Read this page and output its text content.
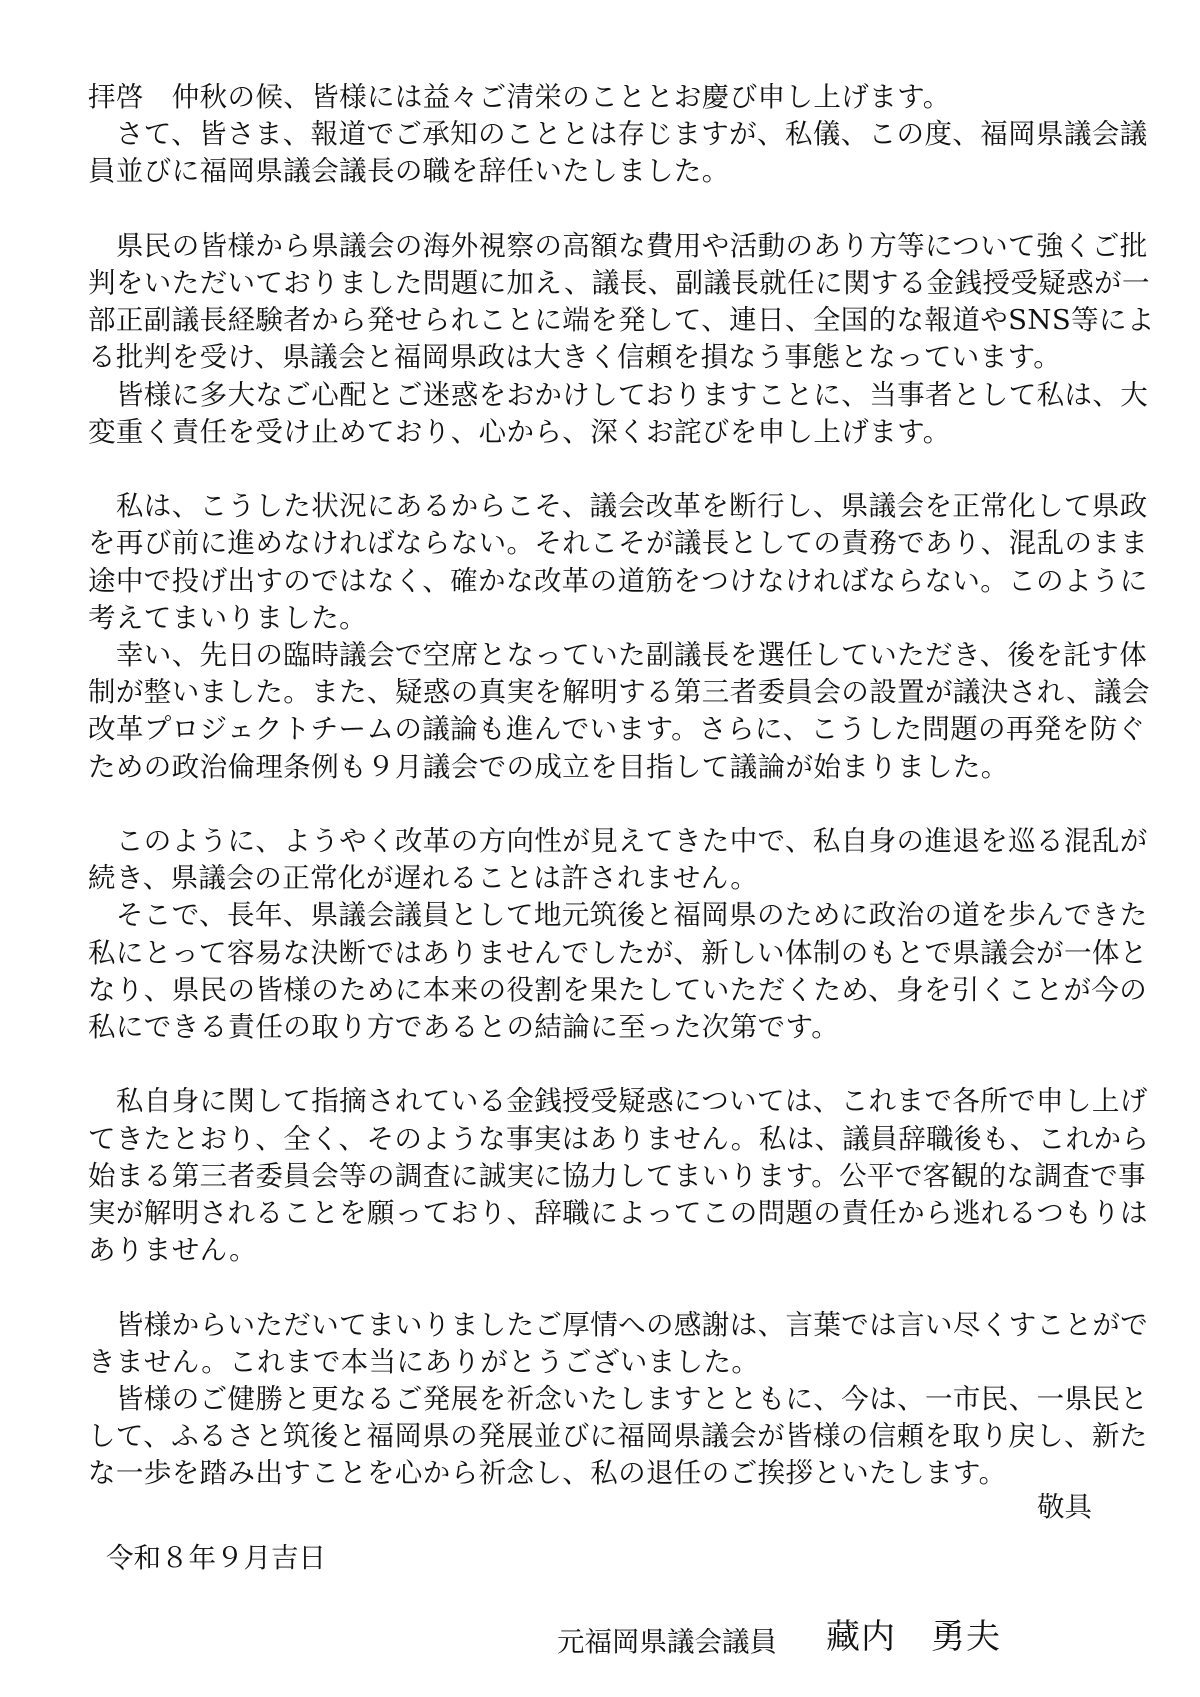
拝啓　仲秋の候、皆様には益々ご清栄のこととお慶び申し上げます。
　さて、皆さま、報道でご承知のこととは存じますが、私儀、この度、福岡県議会議
員並びに福岡県議会議長の職を辞任いたしました。
　県民の皆様から県議会の海外視察の高額な費用や活動のあり方等について強くご批
判をいただいておりました問題に加え、議長、副議長就任に関する金銭授受疑惑が一
部正副議長経験者から発せられことに端を発して、連日、全国的な報道やSNS等によ
る批判を受け、県議会と福岡県政は大きく信頼を損なう事態となっています。
　皆様に多大なご心配とご迷惑をおかけしておりますことに、当事者として私は、大
変重く責任を受け止めており、心から、深くお詫びを申し上げます。
　私は、こうした状況にあるからこそ、議会改革を断行し、県議会を正常化して県政
を再び前に進めなければならない。それこそが議長としての責務であり、混乱のまま
途中で投げ出すのではなく、確かな改革の道筋をつけなければならない。このように
考えてまいりました。
　幸い、先日の臨時議会で空席となっていた副議長を選任していただき、後を託す体
制が整いました。また、疑惑の真実を解明する第三者委員会の設置が議決され、議会
改革プロジェクトチームの議論も進んでいます。さらに、こうした問題の再発を防ぐ
ための政治倫理条例も９月議会での成立を目指して議論が始まりました。
　このように、ようやく改革の方向性が見えてきた中で、私自身の進退を巡る混乱が
続き、県議会の正常化が遅れることは許されません。
　そこで、長年、県議会議員として地元筑後と福岡県のために政治の道を歩んできた
私にとって容易な決断ではありませんでしたが、新しい体制のもとで県議会が一体と
なり、県民の皆様のために本来の役割を果たしていただくため、身を引くことが今の
私にできる責任の取り方であるとの結論に至った次第です。
　私自身に関して指摘されている金銭授受疑惑については、これまで各所で申し上げ
てきたとおり、全く、そのような事実はありません。私は、議員辞職後も、これから
始まる第三者委員会等の調査に誠実に協力してまいります。公平で客観的な調査で事
実が解明されることを願っており、辞職によってこの問題の責任から逃れるつもりは
ありません。
　皆様からいただいてまいりましたご厚情への感謝は、言葉では言い尽くすことがで
きません。これまで本当にありがとうございました。
　皆様のご健勝と更なるご発展を祈念いたしますとともに、今は、一市民、一県民と
して、ふるさと筑後と福岡県の発展並びに福岡県議会が皆様の信頼を取り戻し、新た
な一歩を踏み出すことを心から祈念し、私の退任のご挨拶といたします。
敬具
令和８年９月吉日
元福岡県議会議員 藏内　勇夫
